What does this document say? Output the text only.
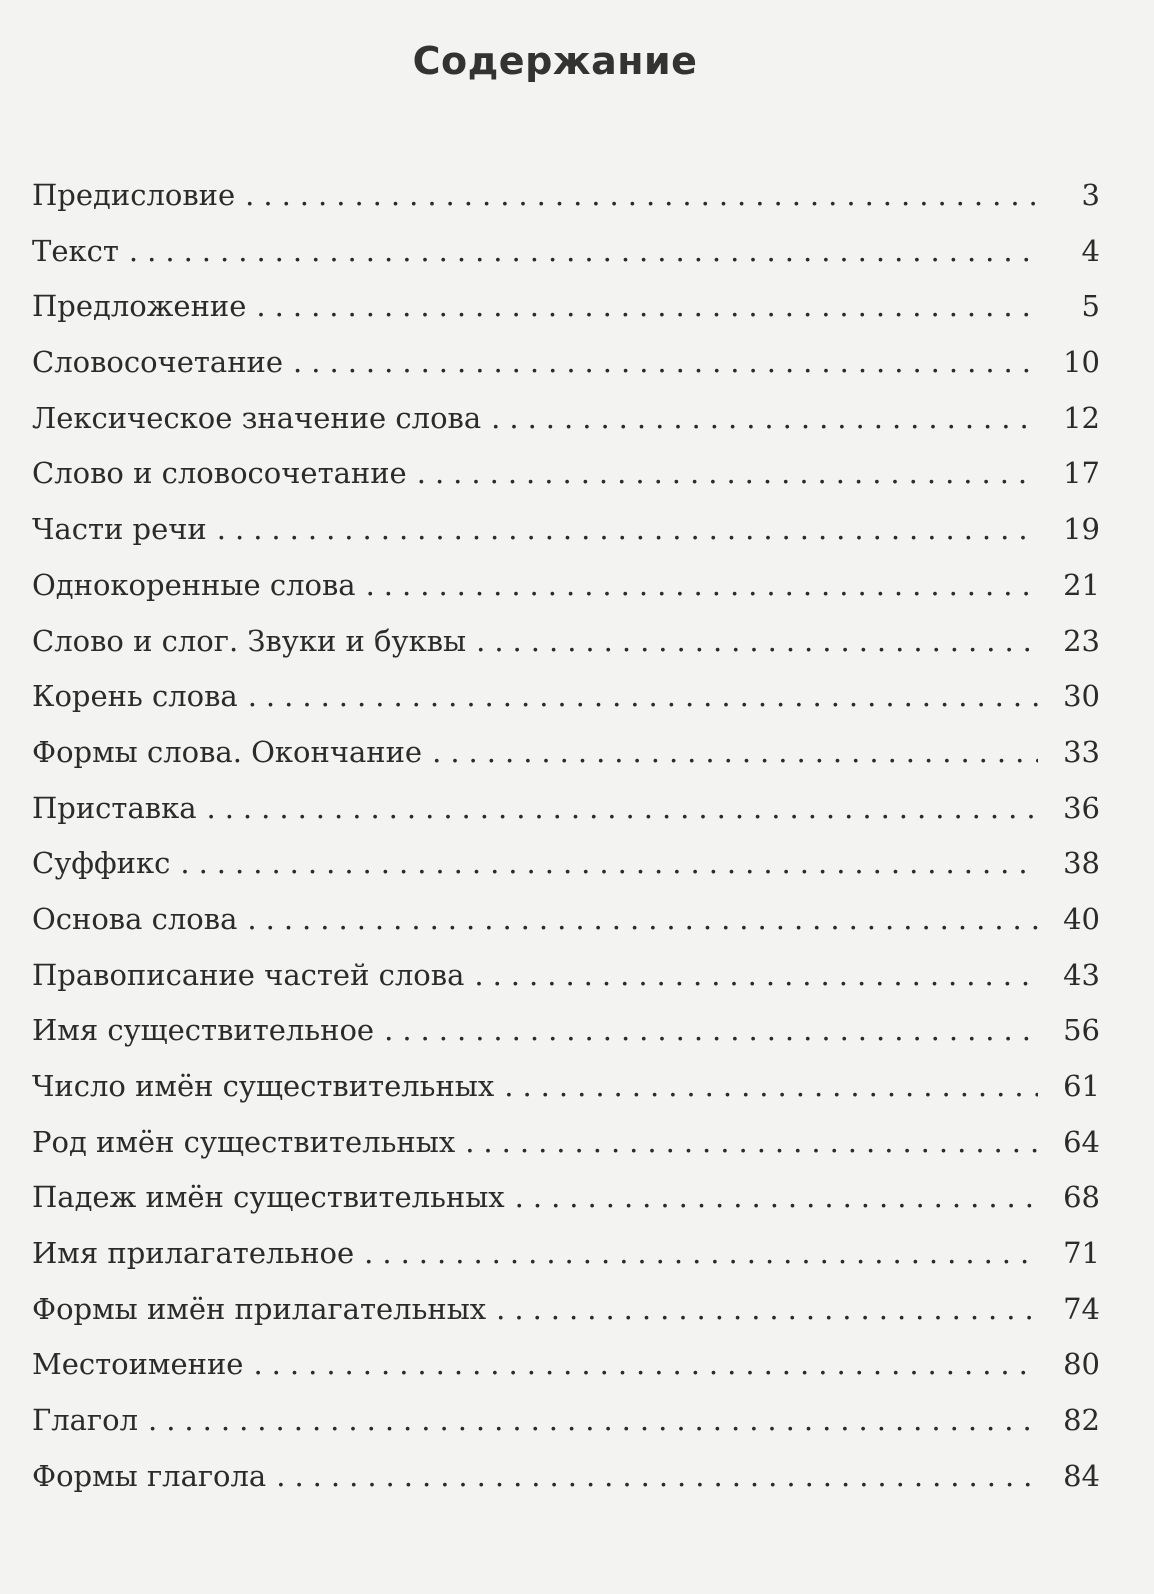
Содержание
Предисловие .....	3
Текст .....	4
Предложение .....	5
Словосочетание .....	10
Лексическое значение слова .....	12
Слово и словосочетание .....	17
Части речи .....	19
Однокоренные слова .....	21
Слово и слог. Звуки и буквы .....	23
Корень слова .....	30
Формы слова. Окончание .....	33
Приставка .....	36
Суффикс .....	38
Основа слова .....	40
Правописание частей слова .....	43
Имя существительное .....	56
Число имён существительных .....	61
Род имён существительных .....	64
Падеж имён существительных .....	68
Имя прилагательное .....	71
Формы имён прилагательных .....	74
Местоимение .....	80
Глагол .....	82
Формы глагола .....	84
